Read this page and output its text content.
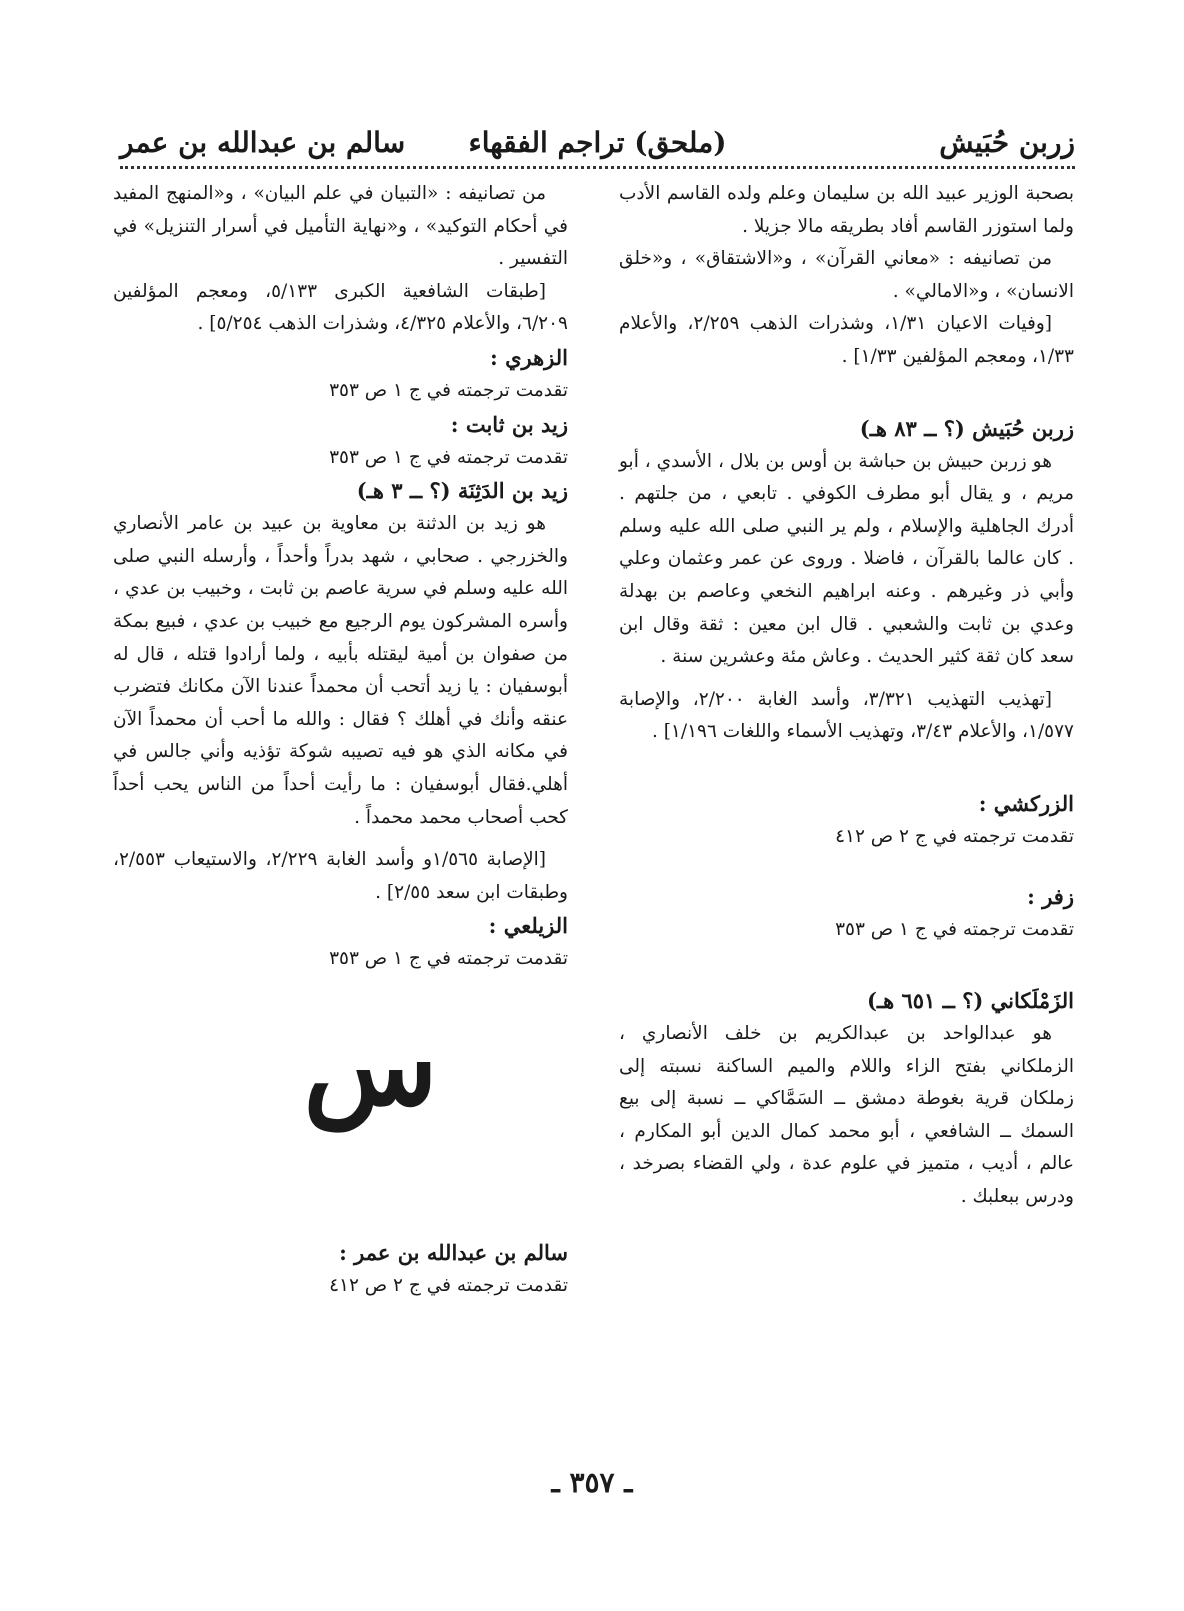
زربن حُبَيش
(ملحق) تراجم الفقهاء
سالم بن عبدالله بن عمر

بصحبة الوزير عبيد الله بن سليمان وعلم ولده القاسم الأدب ولما استوزر القاسم أفاد بطريقه مالا جزيلا .

من تصانيفه : «معاني القرآن» ، و«الاشتقاق» ، و«خلق الانسان» ، و«الامالي» .

[وفيات الاعيان ١/٣١، وشذرات الذهب ٢/٢٥٩، والأعلام ١/٣٣، ومعجم المؤلفين ١/٣٣] .

زربن حُبَيش (؟ ــ ٨٣ هـ)

هو زربن حبيش بن حباشة بن أوس بن بلال ، الأسدي ، أبو مريم ، و يقال أبو مطرف الكوفي . تابعي ، من جلتهم . أدرك الجاهلية والإسلام ، ولم ير النبي صلى الله عليه وسلم . كان عالما بالقرآن ، فاضلا . وروى عن عمر وعثمان وعلي وأبي ذر وغيرهم . وعنه ابراهيم النخعي وعاصم بن بهدلة وعدي بن ثابت والشعبي . قال ابن معين : ثقة وقال ابن سعد كان ثقة كثير الحديث . وعاش مئة وعشرين سنة .

[تهذيب التهذيب ٣/٣٢١، وأسد الغابة ٢/٢٠٠، والإصابة ١/٥٧٧، والأعلام ٣/٤٣، وتهذيب الأسماء واللغات ١/١٩٦] .

الزركشي :

تقدمت ترجمته في ج ٢ ص ٤١٢

زفر :

تقدمت ترجمته في ج ١ ص ٣٥٣

الزَمْلَكاني (؟ ــ ٦٥١ هـ)

هو عبدالواحد بن عبدالكريم بن خلف الأنصاري ، الزملكاني بفتح الزاء واللام والميم الساكنة نسبته إلى زملكان قرية بغوطة دمشق ــ السَمَّاكي ــ نسبة إلى بيع السمك ــ الشافعي ، أبو محمد كمال الدين أبو المكارم ، عالم ، أديب ، متميز في علوم عدة ، ولي القضاء بصرخد ، ودرس ببعلبك .

من تصانيفه : «التبيان في علم البيان» ، و«المنهج المفيد في أحكام التوكيد» ، و«نهاية التأميل في أسرار التنزيل» في التفسير .

[طبقات الشافعية الكبرى ٥/١٣٣، ومعجم المؤلفين ٦/٢٠٩، والأعلام ٤/٣٢٥، وشذرات الذهب ٥/٢٥٤] .

الزهري :

تقدمت ترجمته في ج ١ ص ٣٥٣

زيد بن ثابت :

تقدمت ترجمته في ج ١ ص ٣٥٣

زيد بن الدَثِنَة (؟ ــ ٣ هـ)

هو زيد بن الدثنة بن معاوية بن عبيد بن عامر الأنصاري والخزرجي . صحابي ، شهد بدراً وأحداً ، وأرسله النبي صلى الله عليه وسلم في سرية عاصم بن ثابت ، وخبيب بن عدي ، وأسره المشركون يوم الرجيع مع خبيب بن عدي ، فبيع بمكة من صفوان بن أمية ليقتله بأبيه ، ولما أرادوا قتله ، قال له أبوسفيان : يا زيد أتحب أن محمداً عندنا الآن مكانك فتضرب عنقه وأنك في أهلك ؟ فقال : والله ما أحب أن محمداً الآن في مكانه الذي هو فيه تصيبه شوكة تؤذيه وأني جالس في أهلي.فقال أبوسفيان : ما رأيت أحداً من الناس يحب أحداً كحب أصحاب محمد محمداً .

[الإصابة ١/٥٦٥و وأسد الغابة ٢/٢٢٩، والاستيعاب ٢/٥٥٣، وطبقات ابن سعد ٢/٥٥] .

الزيلعي :

تقدمت ترجمته في ج ١ ص ٣٥٣

س
سالم بن عبدالله بن عمر :

تقدمت ترجمته في ج ٢ ص ٤١٢

ـ ٣٥٧ ـ
